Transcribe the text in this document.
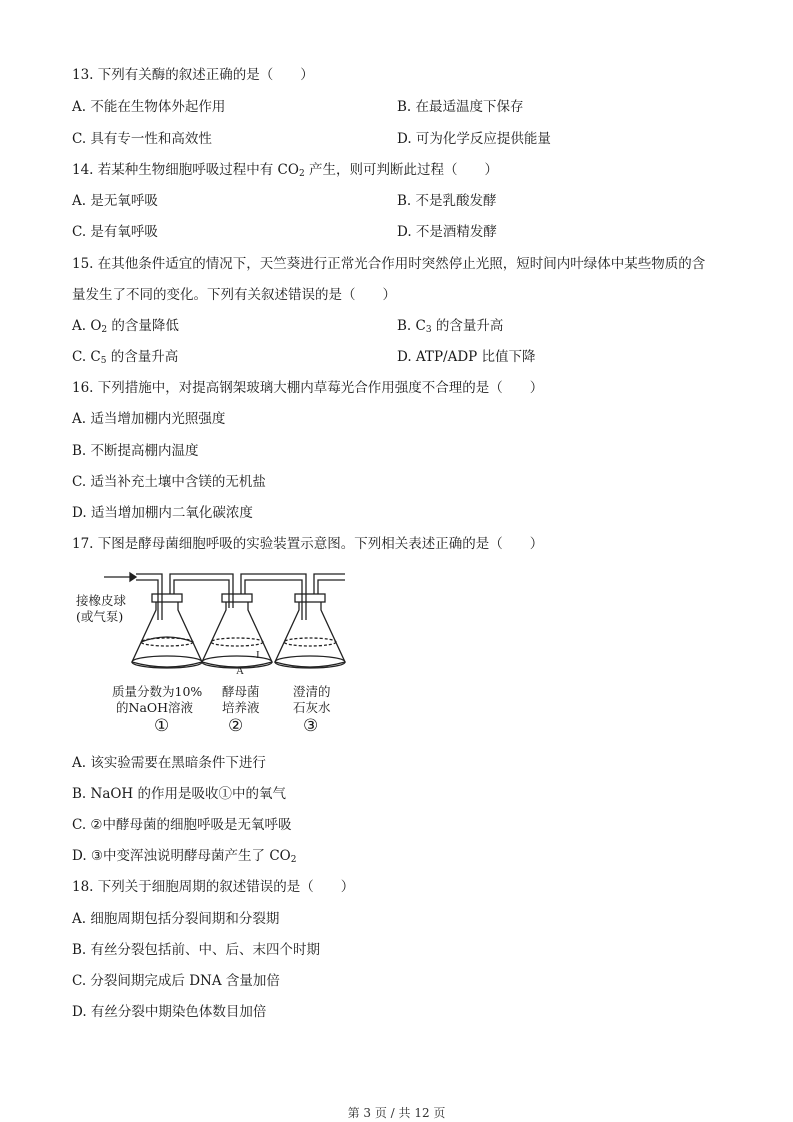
13. 下列有关酶的叙述正确的是（　　）
A. 不能在生物体外起作用	B. 在最适温度下保存
C. 具有专一性和高效性	D. 可为化学反应提供能量
14. 若某种生物细胞呼吸过程中有 $CO_2$ 产生，则可判断此过程（　　）
A. 是无氧呼吸	B. 不是乳酸发酵
C. 是有氧呼吸	D. 不是酒精发酵
15. 在其他条件适宜的情况下，天竺葵进行正常光合作用时突然停止光照，短时间内叶绿体中某些物质的含
量发生了不同的变化。下列有关叙述错误的是（　　）
A. $O_2$ 的含量降低	B. $C_3$ 的含量升高
C. $C_5$ 的含量升高	D. ATP/ADP 比值下降
16. 下列措施中，对提高钢架玻璃大棚内草莓光合作用强度不合理的是（　　）
A. 适当增加棚内光照强度
B. 不断提高棚内温度
C. 适当补充土壤中含镁的无机盐
D. 适当增加棚内二氧化碳浓度
17. 下图是酵母菌细胞呼吸的实验装置示意图。下列相关表述正确的是（　　）
A
I
接橡皮球
(或气泵)
质量分数为10%
的NaOH溶液
①
酵母菌
培养液
②
澄清的
石灰水
③
A. 该实验需要在黑暗条件下进行
B. NaOH 的作用是吸收①中的氧气
C. ②中酵母菌的细胞呼吸是无氧呼吸
D. ③中变浑浊说明酵母菌产生了 $CO_2$
18. 下列关于细胞周期的叙述错误的是（　　）
A. 细胞周期包括分裂间期和分裂期
B. 有丝分裂包括前、中、后、末四个时期
C. 分裂间期完成后 DNA 含量加倍
D. 有丝分裂中期染色体数目加倍
第 3 页 / 共 12 页
